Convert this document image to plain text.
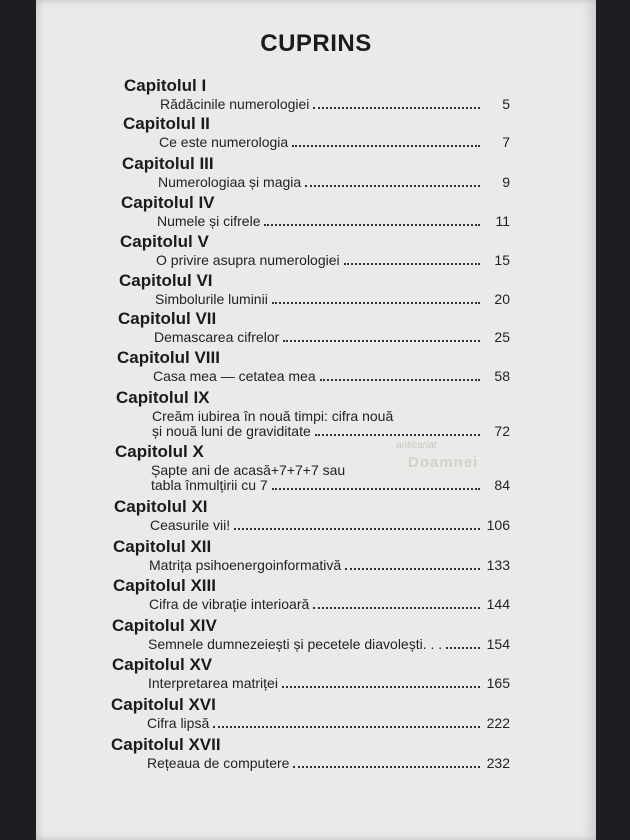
CUPRINS
Capitolul I
Rădăcinile numerologiei	5
Capitolul II
Ce este numerologia	7
Capitolul III
Numerologiaa și magia	9
Capitolul IV
Numele și cifrele	11
Capitolul V
O privire asupra numerologiei	15
Capitolul VI
Simbolurile luminii	20
Capitolul VII
Demascarea cifrelor	25
Capitolul VIII
Casa mea — cetatea mea	58
Capitolul IX
Creăm iubirea în nouă timpi: cifra nouă
și nouă luni de graviditate	72
Capitolul X
Șapte ani de acasă+7+7+7 sau
tabla înmulțirii cu 7	84
Capitolul XI
Ceasurile vii!	106
Capitolul XII
Matrița psihoenergoinformativă	133
Capitolul XIII
Cifra de vibrație interioară	144
Capitolul XIV
Semnele dumnezeiești și pecetele diavolești. . .	154
Capitolul XV
Interpretarea matriței	165
Capitolul XVI
Cifra lipsă	222
Capitolul XVII
Rețeaua de computere	232
anticariat
Doamnei
